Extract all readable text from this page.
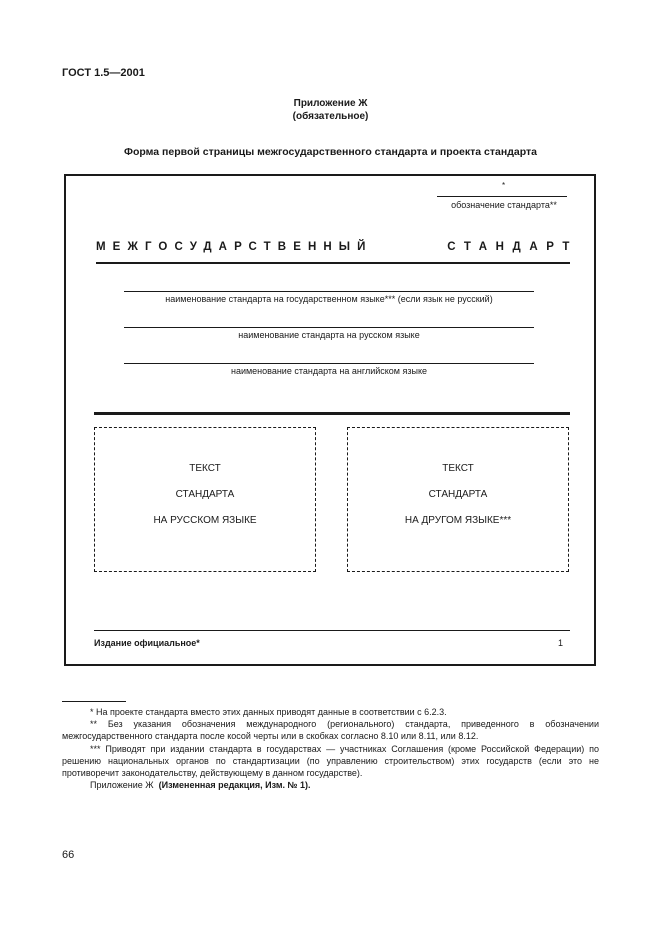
ГОСТ 1.5—2001
Приложение Ж
(обязательное)
Форма первой страницы межгосударственного стандарта и проекта стандарта
*
обозначение стандарта**
МЕЖГОСУДАРСТВЕННЫЙ	СТАНДАРТ
наименование стандарта на государственном языке*** (если язык не русский)
наименование стандарта на русском языке
наименование стандарта на английском языке
ТЕКСТ
СТАНДАРТА
НА РУССКОМ ЯЗЫКЕ
ТЕКСТ
СТАНДАРТА
НА ДРУГОМ ЯЗЫКЕ***
Издание официальное*	1

* На проекте стандарта вместо этих данных приводят данные в соответствии с 6.2.3.

** Без указания обозначения международного (регионального) стандарта, приведенного в обозначении межгосударственного стандарта после косой черты или в скобках согласно 8.10 или 8.11, или 8.12.

*** Приводят при издании стандарта в государствах — участниках Соглашения (кроме Российской Федерации) по решению национальных органов по стандартизации (по управлению строительством) этих государств (если это не противоречит законодательству, действующему в данном государстве).

Приложение Ж (Измененная редакция, Изм. № 1).

66
